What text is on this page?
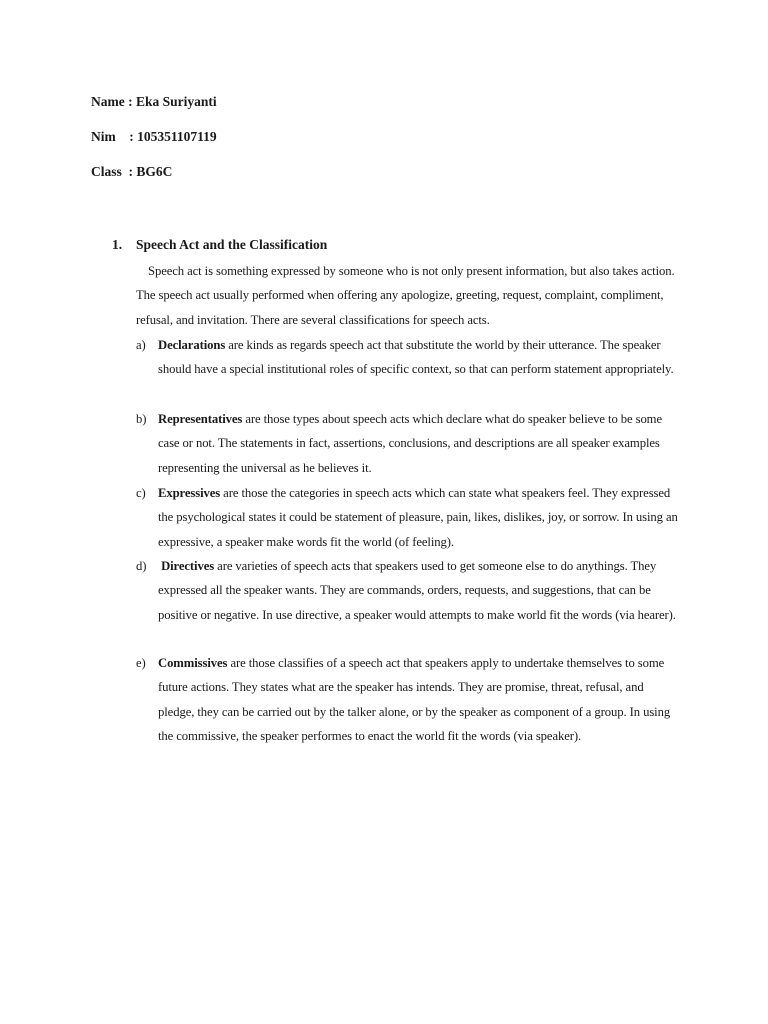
Name : Eka Suriyanti
Nim    : 105351107119
Class  : BG6C
1.	Speech Act and the Classification
Speech act is something expressed by someone who is not only present information, but also takes action. The speech act usually performed when offering any apologize, greeting, request, complaint, compliment, refusal, and invitation. There are several classifications for speech acts.
a) Declarations are kinds as regards speech act that substitute the world by their utterance. The speaker should have a special institutional roles of specific context, so that can perform statement appropriately.
b) Representatives are those types about speech acts which declare what do speaker believe to be some case or not. The statements in fact, assertions, conclusions, and descriptions are all speaker examples representing the universal as he believes it.
c) Expressives are those the categories in speech acts which can state what speakers feel. They expressed the psychological states it could be statement of pleasure, pain, likes, dislikes, joy, or sorrow. In using an expressive, a speaker make words fit the world (of feeling).
d) Directives are varieties of speech acts that speakers used to get someone else to do anythings. They expressed all the speaker wants. They are commands, orders, requests, and suggestions, that can be positive or negative. In use directive, a speaker would attempts to make world fit the words (via hearer).
e) Commissives are those classifies of a speech act that speakers apply to undertake themselves to some future actions. They states what are the speaker has intends. They are promise, threat, refusal, and pledge, they can be carried out by the talker alone, or by the speaker as component of a group. In using the commissive, the speaker performes to enact the world fit the words (via speaker).
